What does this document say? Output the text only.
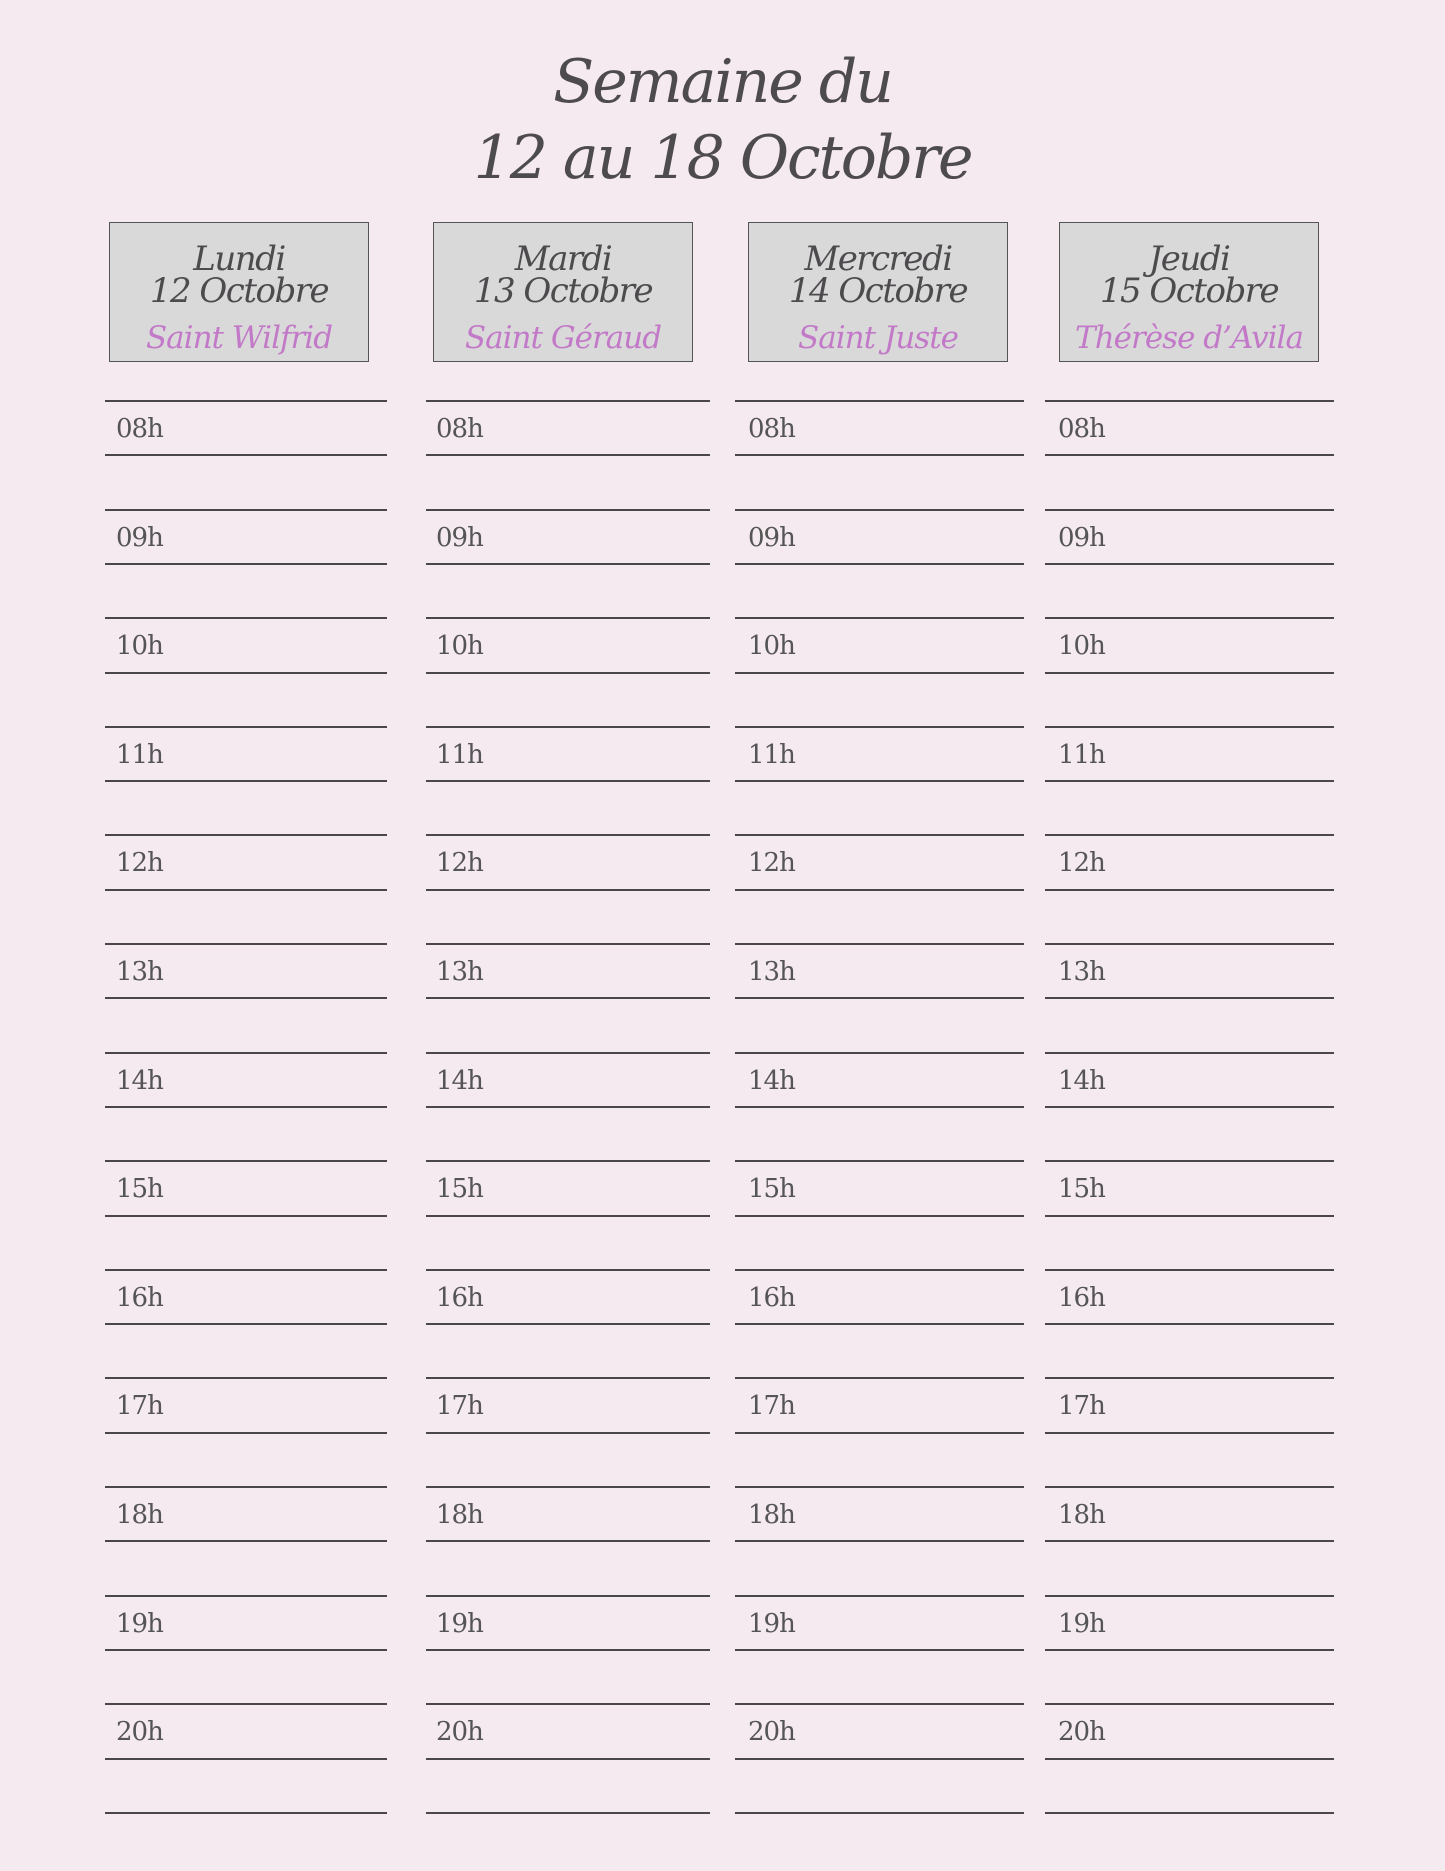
Semaine du
12 au 18 Octobre
Lundi
12 Octobre
Saint Wilfrid
08h
09h
10h
11h
12h
13h
14h
15h
16h
17h
18h
19h
20h
Mardi
13 Octobre
Saint Géraud
08h
09h
10h
11h
12h
13h
14h
15h
16h
17h
18h
19h
20h
Mercredi
14 Octobre
Saint Juste
08h
09h
10h
11h
12h
13h
14h
15h
16h
17h
18h
19h
20h
Jeudi
15 Octobre
Thérèse d’Avila
08h
09h
10h
11h
12h
13h
14h
15h
16h
17h
18h
19h
20h
